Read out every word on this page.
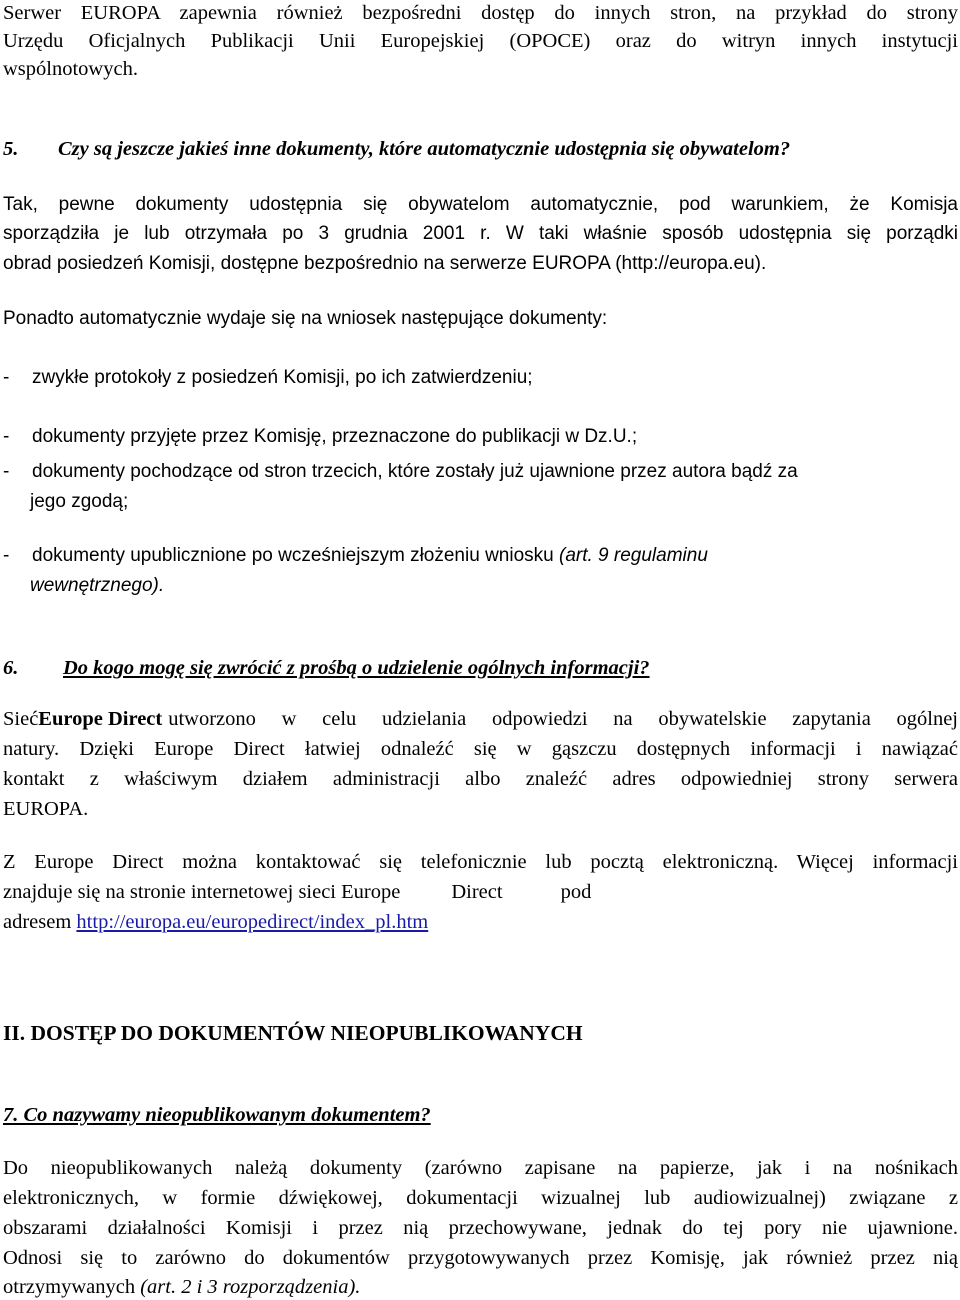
Serwer EUROPA zapewnia również bezpośredni dostęp do innych stron, na przykład do strony
Urzędu Oficjalnych Publikacji Unii Europejskiej (OPOCE) oraz do witryn innych instytucji
wspólnotowych.
5. Czy są jeszcze jakieś inne dokumenty, które automatycznie udostępnia się obywatelom?
Tak, pewne dokumenty udostępnia się obywatelom automatycznie, pod warunkiem, że Komisja
sporządziła je lub otrzymała po 3 grudnia 2001 r. W taki właśnie sposób udostępnia się porządki
obrad posiedzeń Komisji, dostępne bezpośrednio na serwerze EUROPA (http://europa.eu).
Ponadto automatycznie wydaje się na wniosek następujące dokumenty:
- zwykłe protokoły z posiedzeń Komisji, po ich zatwierdzeniu;
- dokumenty przyjęte przez Komisję, przeznaczone do publikacji w Dz.U.;
- dokumenty pochodzące od stron trzecich, które zostały już ujawnione przez autora bądź za
jego zgodą;
- dokumenty upublicznione po wcześniejszym złożeniu wniosku (art. 9 regulaminu
wewnętrznego).
6. Do kogo mogę się zwrócić z prośbą o udzielenie ogólnych informacji?
Sieć Europe Direct utworzono w celu udzielania odpowiedzi na obywatelskie zapytania ogólnej
natury. Dzięki Europe Direct łatwiej odnaleźć się w gąszczu dostępnych informacji i nawiązać
kontakt z właściwym działem administracji albo znaleźć adres odpowiedniej strony serwera
EUROPA.
Z Europe Direct można kontaktować się telefonicznie lub pocztą elektroniczną. Więcej informacji
znajduje się na stronie internetowej sieci Europe Direct	pod
adresem http://europa.eu/europedirect/index_pl.htm
II. DOSTĘP DO DOKUMENTÓW NIEOPUBLIKOWANYCH
7. Co nazywamy nieopublikowanym dokumentem?
Do nieopublikowanych należą dokumenty (zarówno zapisane na papierze, jak i na nośnikach
elektronicznych, w formie dźwiękowej, dokumentacji wizualnej lub audiowizualnej) związane z
obszarami działalności Komisji i przez nią przechowywane, jednak do tej pory nie ujawnione.
Odnosi się to zarówno do dokumentów przygotowywanych przez Komisję, jak również przez nią
otrzymywanych (art. 2 i 3 rozporządzenia).
